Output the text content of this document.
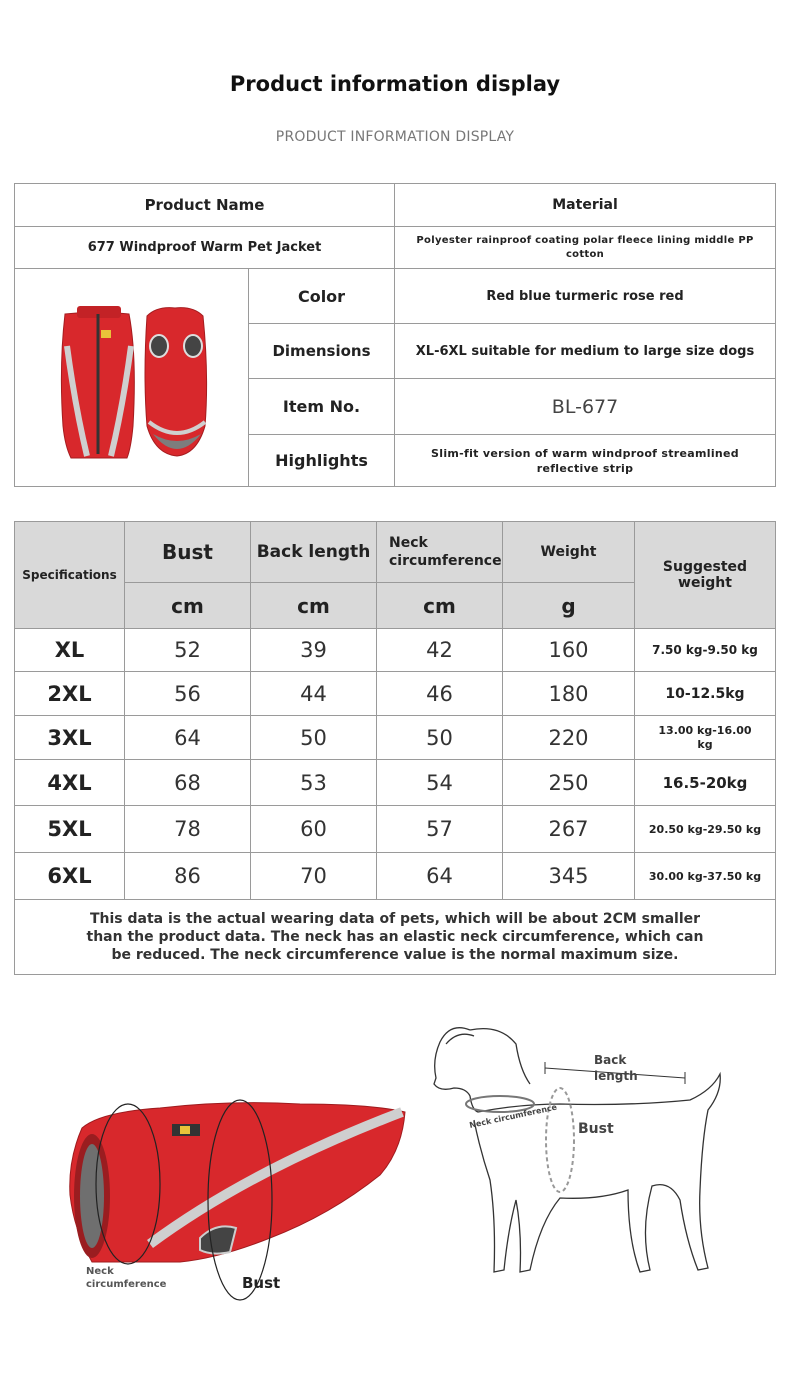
Product information display
PRODUCT INFORMATION DISPLAY
Product Name		Material
677 Windproof Warm Pet Jacket		Polyester rainproof coating polar fleece lining middle PP cotton
	Color	Red blue turmeric rose red
	Dimensions	XL-6XL suitable for medium to large size dogs
	Item No.	BL-677
	Highlights	Slim-fit version of warm windproof streamlined reflective strip
Specifications	Bust	Back length	Neck circumference	Weight	Suggested weight
	cm	cm	cm	g	
XL	52	39	42	160	7.50 kg-9.50 kg
2XL	56	44	46	180	10-12.5kg
3XL	64	50	50	220	13.00 kg-16.00 kg
4XL	68	53	54	250	16.5-20kg
5XL	78	60	57	267	20.50 kg-29.50 kg
6XL	86	70	64	345	30.00 kg-37.50 kg
This data is the actual wearing data of pets, which will be about 2CM smaller than the product data. The neck has an elastic neck circumference, which can be reduced. The neck circumference value is the normal maximum size.					
Neck
circumference	Bust
Back
length
Neck circumference Bust
